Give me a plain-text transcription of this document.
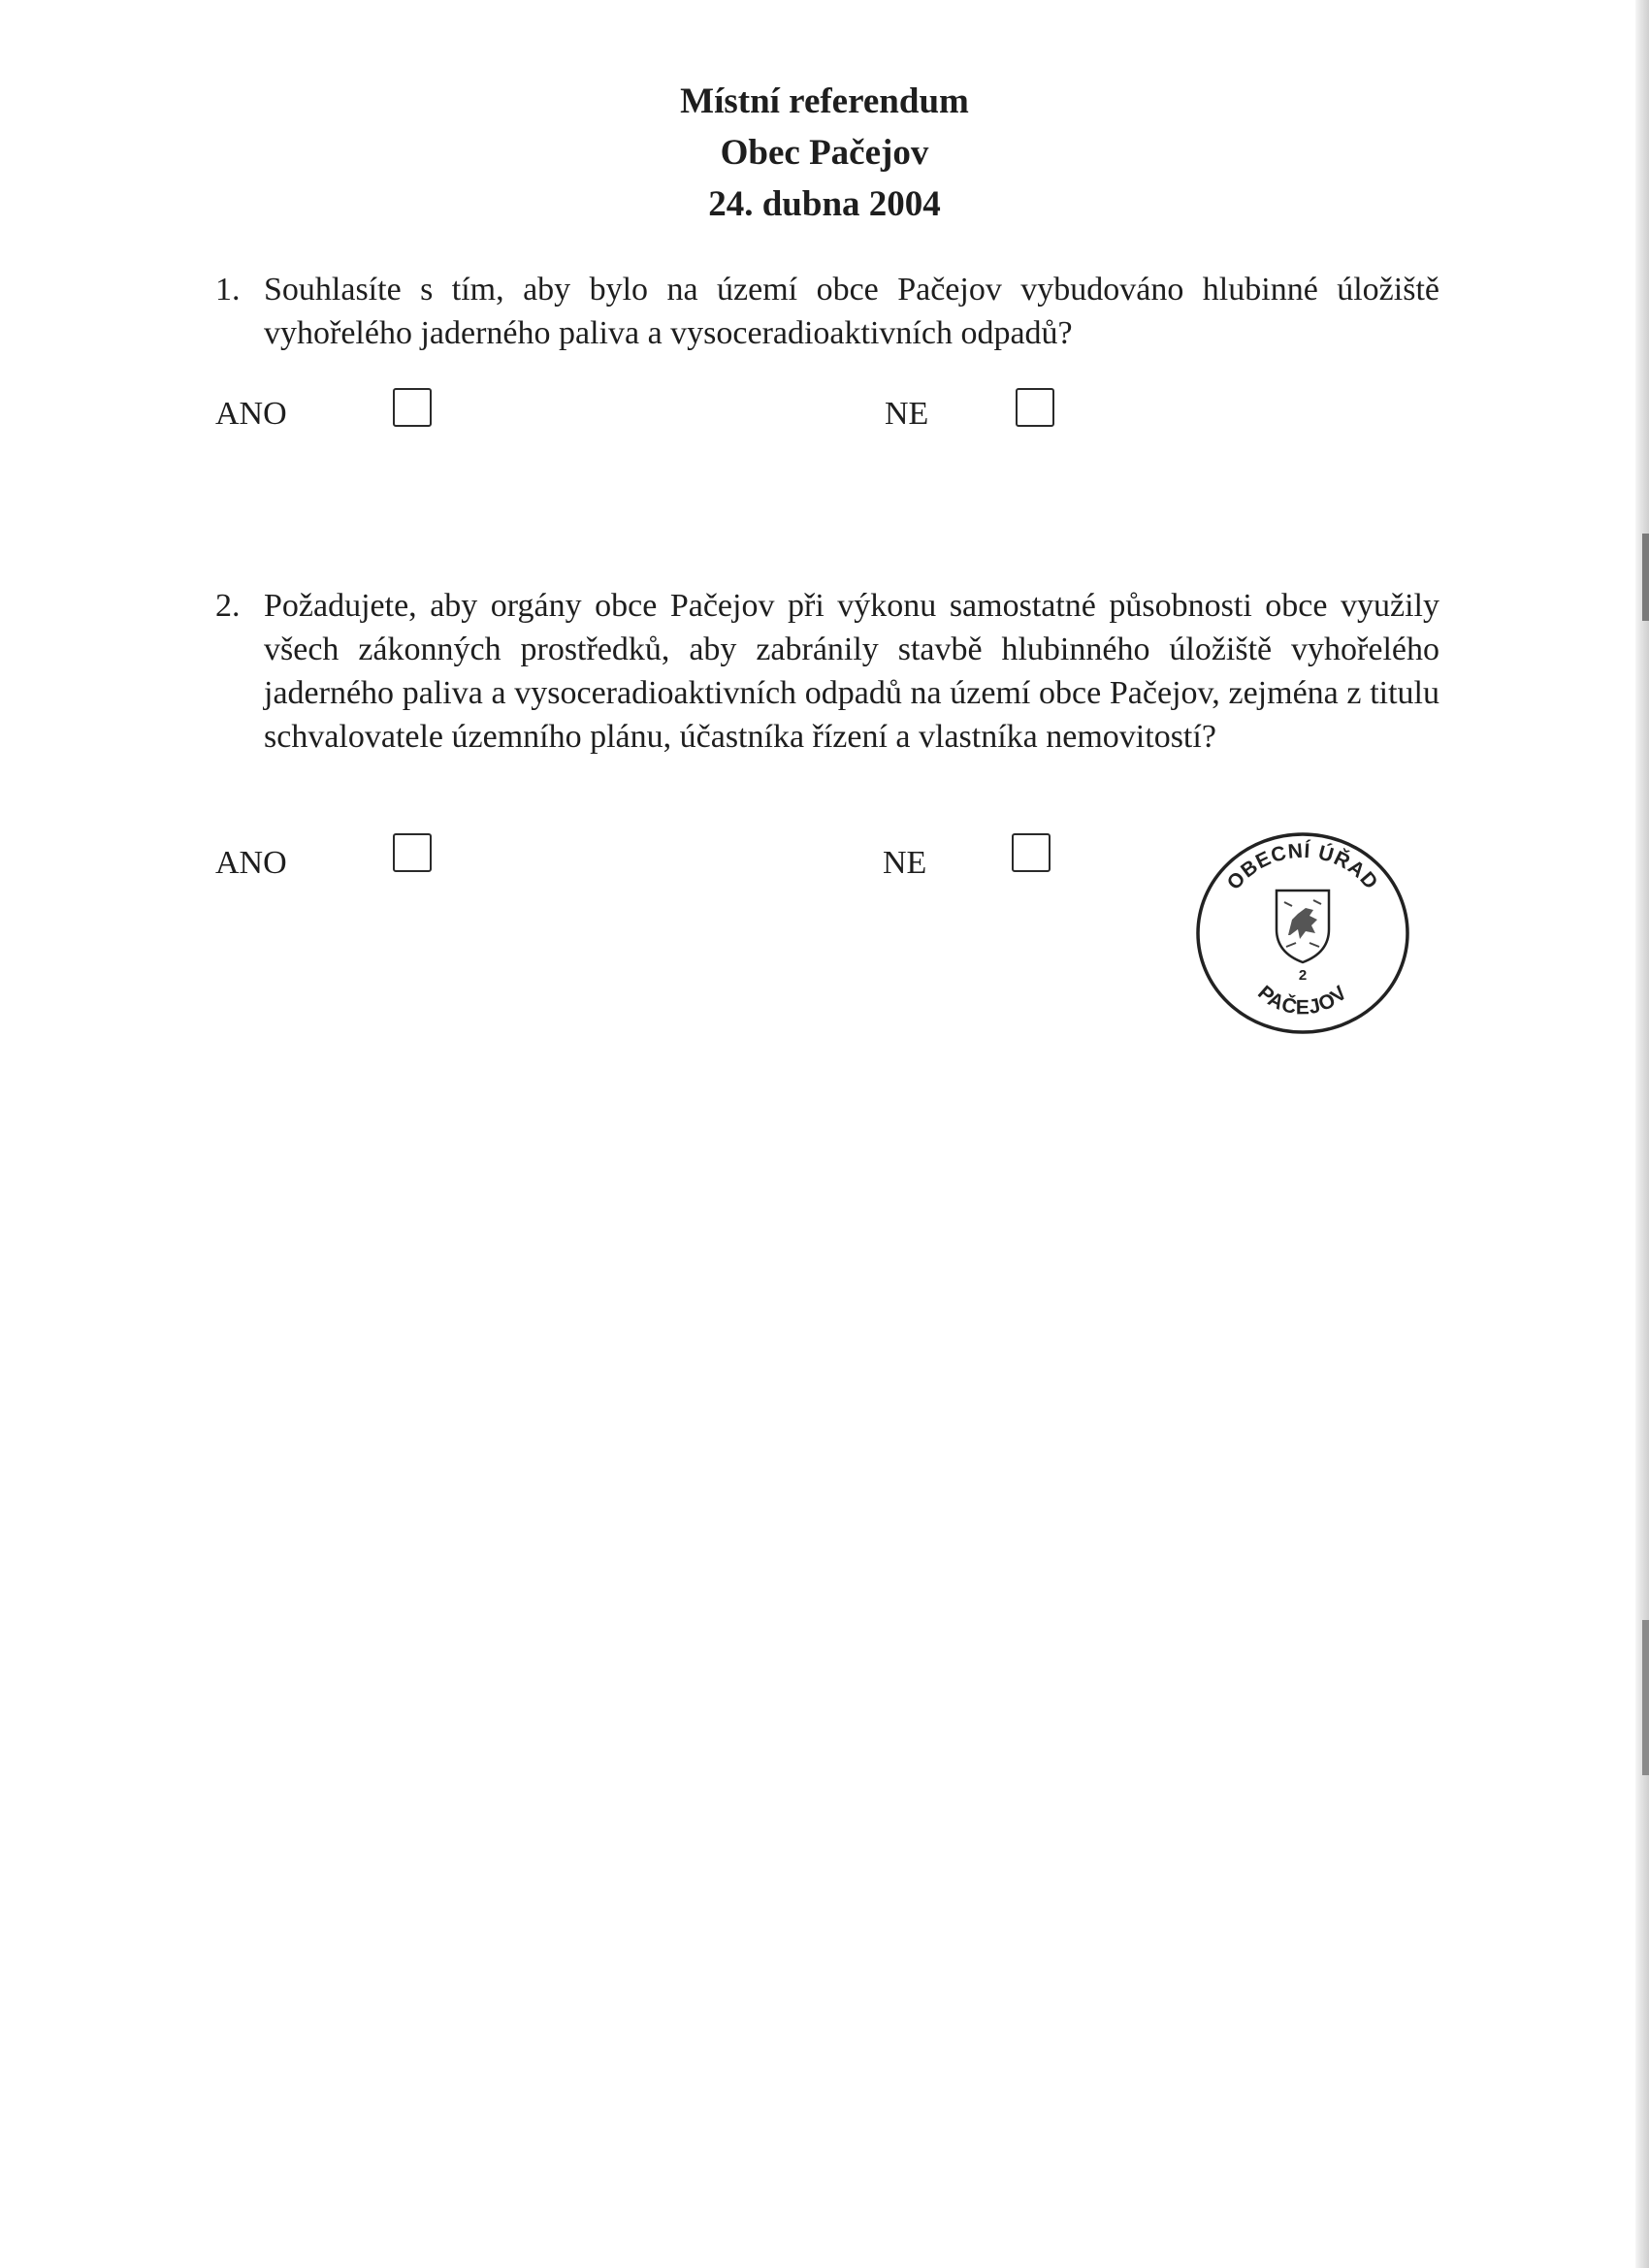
Místní referendum
Obec Pačejov
24. dubna 2004
1. Souhlasíte s tím, aby bylo na území obce Pačejov vybudováno hlubinné úložiště vyhořelého jaderného paliva a vysoceradioaktivních odpadů?
ANO	NE
2. Požadujete, aby orgány obce Pačejov při výkonu samostatné působnosti obce využily všech zákonných prostředků, aby zabránily stavbě hlubinného úložiště vyhořelého jaderného paliva a vysoceradioaktivních odpadů na území obce Pačejov, zejména z titulu schvalovatele územního plánu, účastníka řízení a vlastníka nemovitostí?
ANO	NE	OBECNÍ ÚŘAD
2
PAČEJOV
